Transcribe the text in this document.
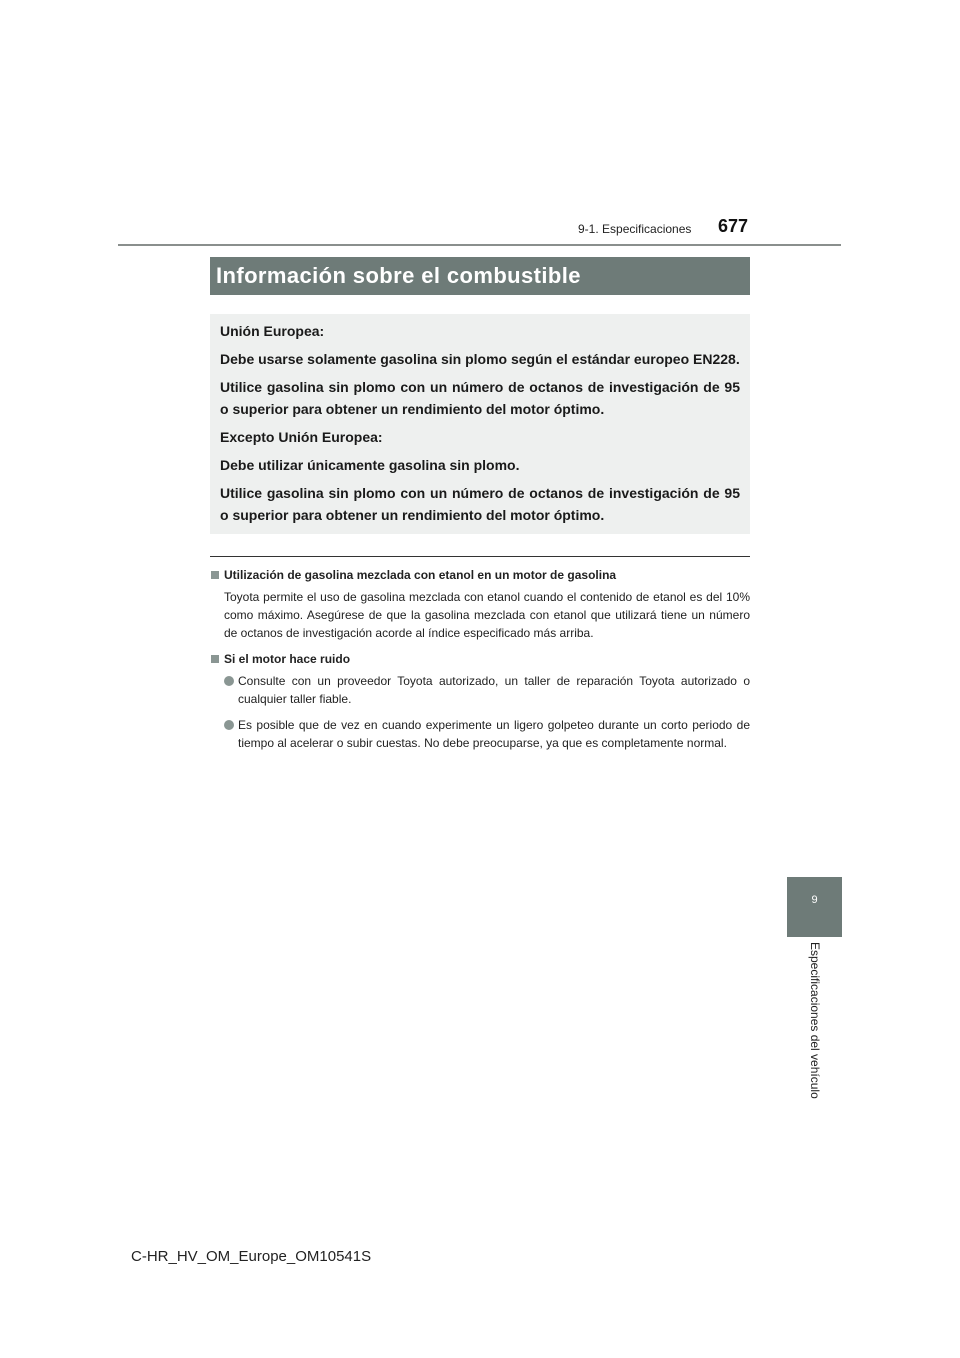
9-1. Especificaciones 677
Información sobre el combustible

Unión Europea:

Debe usarse solamente gasolina sin plomo según el estándar europeo EN228.

Utilice gasolina sin plomo con un número de octanos de investigación de 95 o superior para obtener un rendimiento del motor óptimo.

Excepto Unión Europea:

Debe utilizar únicamente gasolina sin plomo.

Utilice gasolina sin plomo con un número de octanos de investigación de 95 o superior para obtener un rendimiento del motor óptimo.

Utilización de gasolina mezclada con etanol en un motor de gasolina

Toyota permite el uso de gasolina mezclada con etanol cuando el contenido de etanol es del 10% como máximo. Asegúrese de que la gasolina mezclada con etanol que utilizará tiene un número de octanos de investigación acorde al índice especificado más arriba.

Si el motor hace ruido

Consulte con un proveedor Toyota autorizado, un taller de reparación Toyota autorizado o cualquier taller fiable.

Es posible que de vez en cuando experimente un ligero golpeteo durante un corto periodo de tiempo al acelerar o subir cuestas. No debe preocuparse, ya que es completamente normal.

9
Especificaciones del vehículo
C-HR_HV_OM_Europe_OM10541S
